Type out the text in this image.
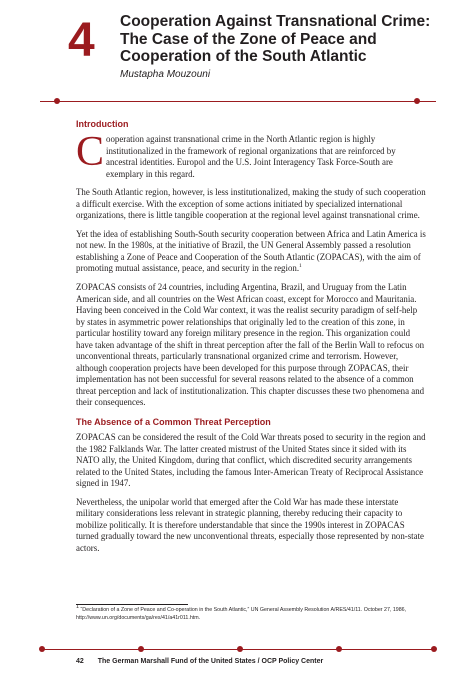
4	Cooperation Against Transnational Crime: The Case of the Zone of Peace and Cooperation of the South Atlantic
Mustapha Mouzouni
Introduction

Cooperation against transnational crime in the North Atlantic region is highly institutionalized in the framework of regional organizations that are reinforced by ancestral identities. Europol and the U.S. Joint Interagency Task Force-South are exemplary in this regard.

The South Atlantic region, however, is less institutionalized, making the study of such cooperation a difficult exercise. With the exception of some actions initiated by specialized international organizations, there is little tangible cooperation at the regional level against transnational crime.

Yet the idea of establishing South-South security cooperation between Africa and Latin America is not new. In the 1980s, at the initiative of Brazil, the UN General Assembly passed a resolution establishing a Zone of Peace and Cooperation of the South Atlantic (ZOPACAS), with the aim of promoting mutual assistance, peace, and security in the region.$^1$

ZOPACAS consists of 24 countries, including Argentina, Brazil, and Uruguay from the Latin American side, and all countries on the West African coast, except for Morocco and Mauritania. Having been conceived in the Cold War context, it was the realist security paradigm of self-help by states in asymmetric power relationships that originally led to the creation of this zone, in particular hostility toward any foreign military presence in the region. This organization could have taken advantage of the shift in threat perception after the fall of the Berlin Wall to refocus on unconventional threats, particularly transnational organized crime and terrorism. However, although cooperation projects have been developed for this purpose through ZOPACAS, their implementation has not been successful for several reasons related to the absence of a common threat perception and lack of institutionalization. This chapter discusses these two phenomena and their consequences.

The Absence of a Common Threat Perception

ZOPACAS can be considered the result of the Cold War threats posed to security in the region and the 1982 Falklands War. The latter created mistrust of the United States since it sided with its NATO ally, the United Kingdom, during that conflict, which discredited security arrangements related to the United States, including the famous Inter-American Treaty of Reciprocal Assistance signed in 1947.

Nevertheless, the unipolar world that emerged after the Cold War has made these interstate military considerations less relevant in strategic planning, thereby reducing their capacity to mobilize politically. It is therefore understandable that since the 1990s interest in ZOPACAS turned gradually toward the new unconventional threats, especially those represented by non-state actors.

$^1$ “Declaration of a Zone of Peace and Co-operation in the South Atlantic,” UN General Assembly Resolution A/RES/41/11. October 27, 1986, http://www.un.org/documents/ga/res/41/a41r011.htm.
42 The German Marshall Fund of the United States / OCP Policy Center
